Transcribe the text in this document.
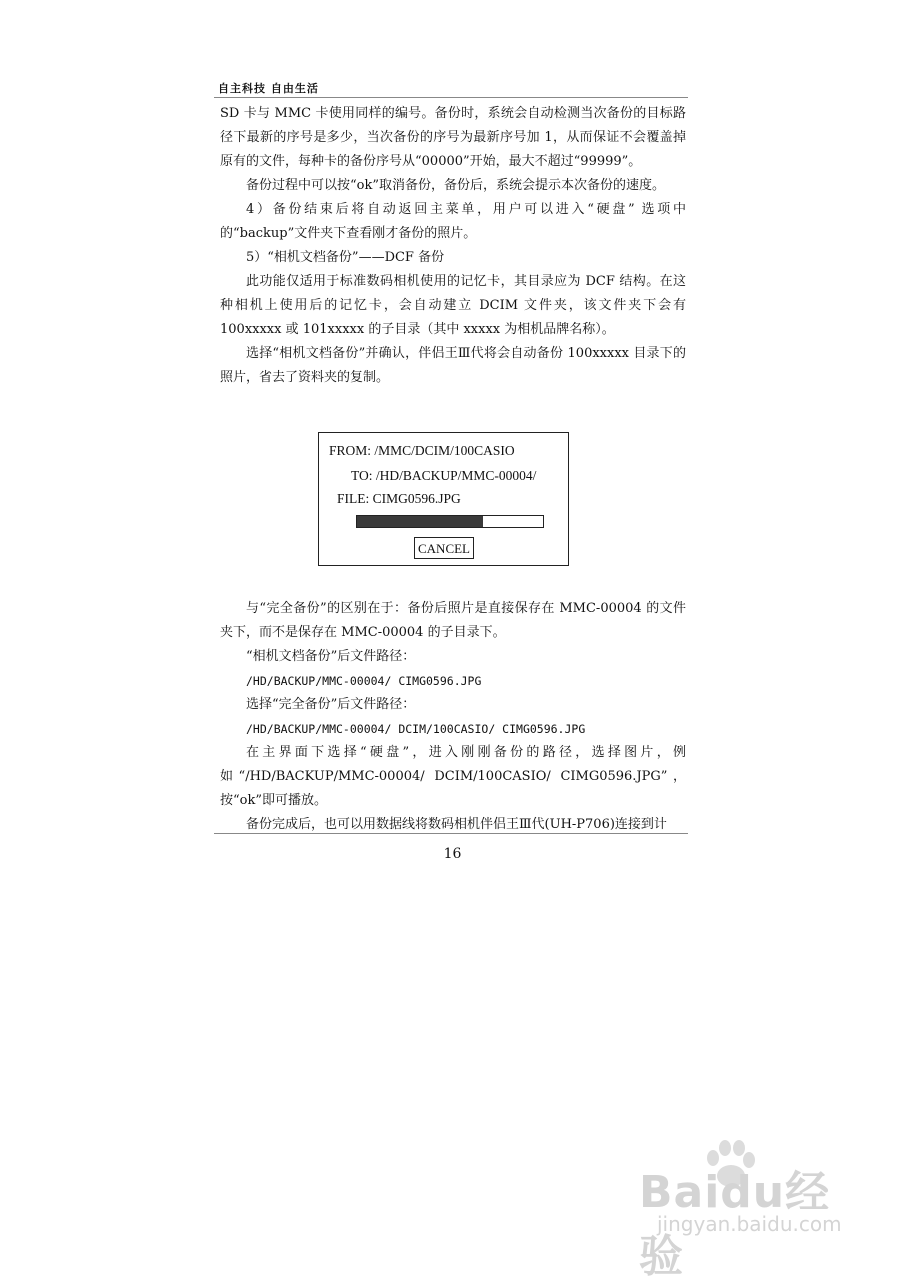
自主科技 自由生活

SD 卡与 MMC 卡使用同样的编号。备份时，系统会自动检测当次备份的目标路径下最新的序号是多少，当次备份的序号为最新序号加 1，从而保证不会覆盖掉原有的文件，每种卡的备份序号从“00000”开始，最大不超过“99999”。

备份过程中可以按“ok”取消备份，备份后，系统会提示本次备份的速度。

4）备份结束后将自动返回主菜单，用户可以进入“硬盘” 选项中的“backup”文件夹下查看刚才备份的照片。

5）“相机文档备份”——DCF 备份

此功能仅适用于标准数码相机使用的记忆卡，其目录应为 DCF 结构。在这种相机上使用后的记忆卡，会自动建立 DCIM 文件夹，该文件夹下会有 100xxxxx 或 101xxxxx 的子目录（其中 xxxxx 为相机品牌名称）。

选择“相机文档备份”并确认，伴侣王Ⅲ代将会自动备份 100xxxxx 目录下的照片，省去了资料夹的复制。

FROM: /MMC/DCIM/100CASIO
TO: /HD/BACKUP/MMC-00004/
FILE: CIMG0596.JPG
CANCEL

与“完全备份”的区别在于：备份后照片是直接保存在 MMC-00004 的文件夹下，而不是保存在 MMC-00004 的子目录下。

“相机文档备份”后文件路径：

/HD/BACKUP/MMC-00004/ CIMG0596.JPG

选择“完全备份”后文件路径：

/HD/BACKUP/MMC-00004/ DCIM/100CASIO/ CIMG0596.JPG

在主界面下选择“硬盘”，进入刚刚备份的路径，选择图片，例如“/HD/BACKUP/MMC-00004/ DCIM/100CASIO/ CIMG0596.JPG”，按“ok”即可播放。

备份完成后，也可以用数据线将数码相机伴侣王Ⅲ代(UH-P706)连接到计

16
Baidu经验
jingyan.baidu.com
